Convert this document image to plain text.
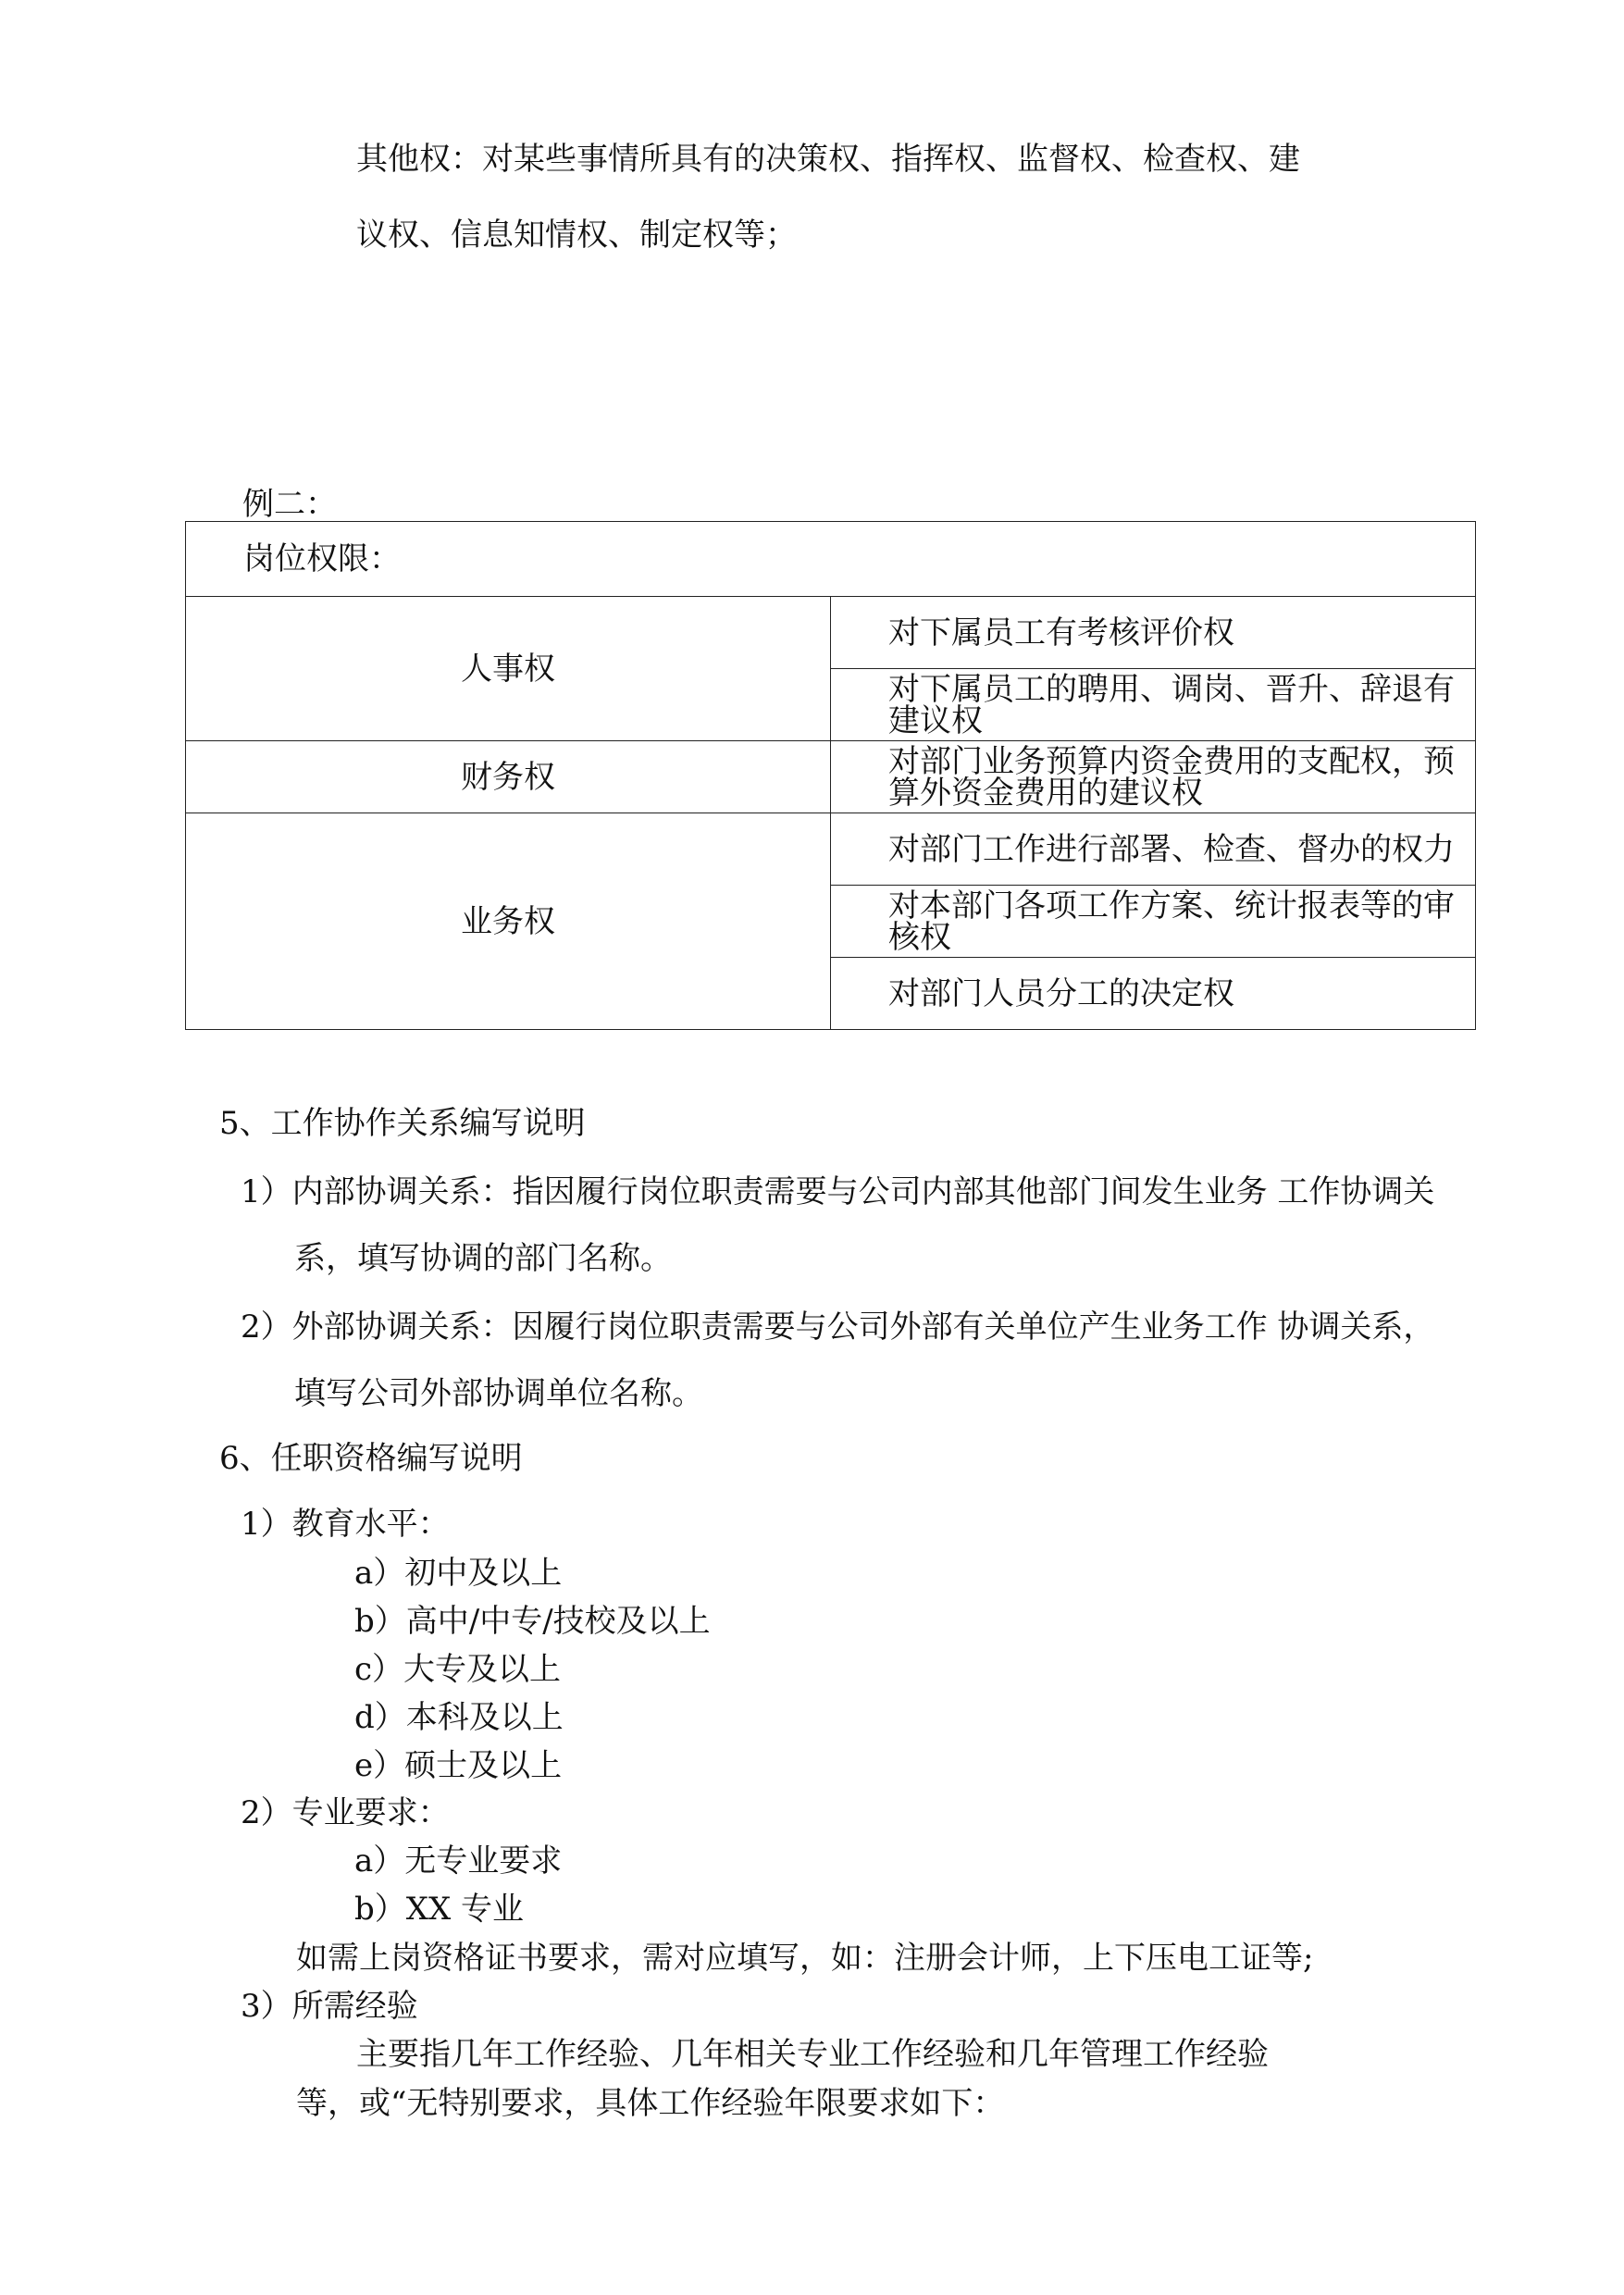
其他权：对某些事情所具有的决策权、指挥权、监督权、检查权、建
议权、信息知情权、制定权等；
例二：
岗位权限：	
人事权	对下属员工有考核评价权
	对下属员工的聘用、调岗、晋升、辞退有建议权
财务权	对部门业务预算内资金费用的支配权，预算外资金费用的建议权
业务权	对部门工作进行部署、检查、督办的权力
	对本部门各项工作方案、统计报表等的审核权
	对部门人员分工的决定权
5、工作协作关系编写说明
1）内部协调关系：指因履行岗位职责需要与公司内部其他部门间发生业务 工作协调关
系，填写协调的部门名称。
2）外部协调关系：因履行岗位职责需要与公司外部有关单位产生业务工作 协调关系，
填写公司外部协调单位名称。
6、任职资格编写说明
1）教育水平：
a）初中及以上
b）高中/中专/技校及以上
c）大专及以上
d）本科及以上
e）硕士及以上
2）专业要求：
a）无专业要求
b）XX 专业
如需上岗资格证书要求，需对应填写，如：注册会计师，上下压电工证等;
3）所需经验
主要指几年工作经验、几年相关专业工作经验和几年管理工作经验
等，或“无特别要求，具体工作经验年限要求如下：
